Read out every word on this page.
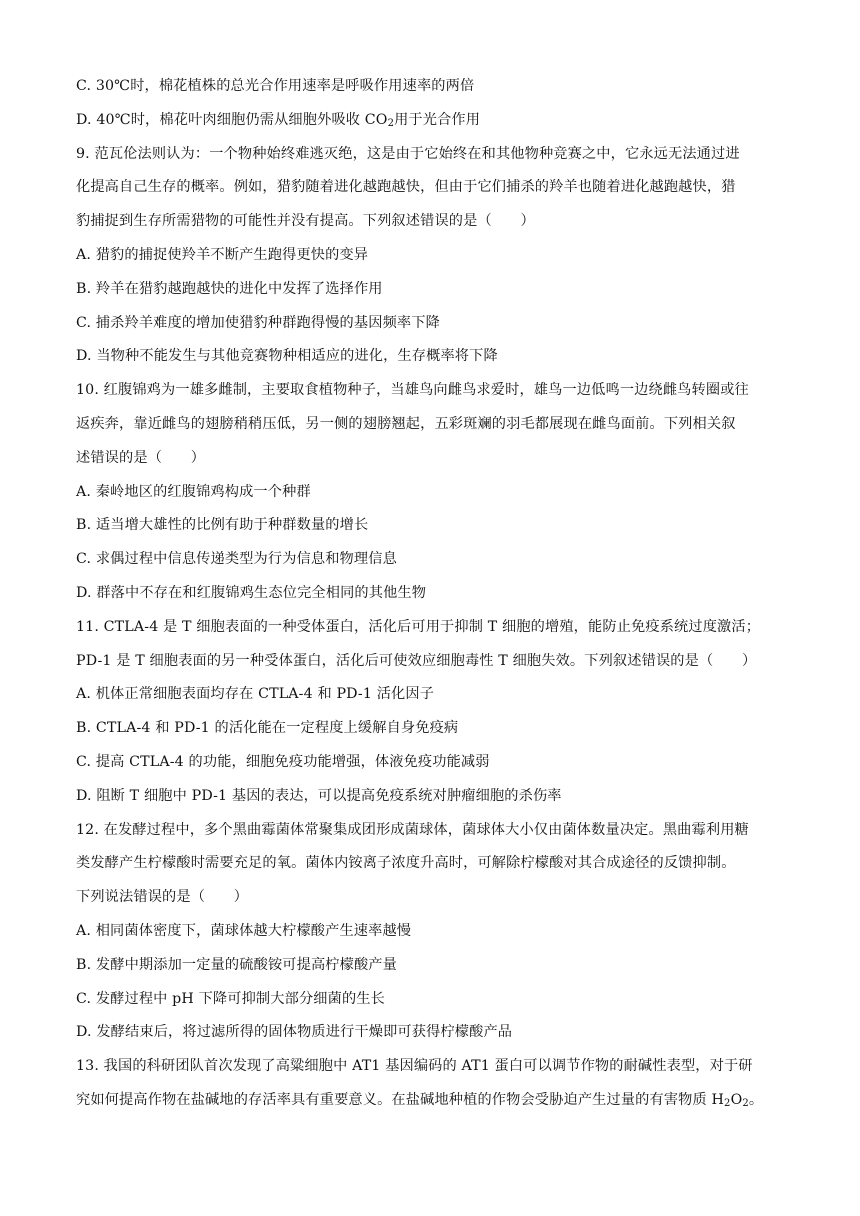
C. 30℃时，棉花植株的总光合作用速率是呼吸作用速率的两倍
D. 40℃时，棉花叶肉细胞仍需从细胞外吸收 $CO_2$用于光合作用
9. 范瓦伦法则认为：一个物种始终难逃灭绝，这是由于它始终在和其他物种竞赛之中，它永远无法通过进
化提高自己生存的概率。例如，猎豹随着进化越跑越快，但由于它们捕杀的羚羊也随着进化越跑越快，猎
豹捕捉到生存所需猎物的可能性并没有提高。下列叙述错误的是（　　）
A. 猎豹的捕捉使羚羊不断产生跑得更快的变异
B. 羚羊在猎豹越跑越快的进化中发挥了选择作用
C. 捕杀羚羊难度的增加使猎豹种群跑得慢的基因频率下降
D. 当物种不能发生与其他竞赛物种相适应的进化，生存概率将下降
10. 红腹锦鸡为一雄多雌制，主要取食植物种子，当雄鸟向雌鸟求爱时，雄鸟一边低鸣一边绕雌鸟转圈或往
返疾奔，靠近雌鸟的翅膀稍稍压低，另一侧的翅膀翘起，五彩斑斓的羽毛都展现在雌鸟面前。下列相关叙
述错误的是（　　）
A. 秦岭地区的红腹锦鸡构成一个种群
B. 适当增大雄性的比例有助于种群数量的增长
C. 求偶过程中信息传递类型为行为信息和物理信息
D. 群落中不存在和红腹锦鸡生态位完全相同的其他生物
11. CTLA-4 是 T 细胞表面的一种受体蛋白，活化后可用于抑制 T 细胞的增殖，能防止免疫系统过度激活；
PD-1 是 T 细胞表面的另一种受体蛋白，活化后可使效应细胞毒性 T 细胞失效。下列叙述错误的是（　　）
A. 机体正常细胞表面均存在 CTLA-4 和 PD-1 活化因子
B. CTLA-4 和 PD-1 的活化能在一定程度上缓解自身免疫病
C. 提高 CTLA-4 的功能，细胞免疫功能增强，体液免疫功能减弱
D. 阻断 T 细胞中 PD-1 基因的表达，可以提高免疫系统对肿瘤细胞的杀伤率
12. 在发酵过程中，多个黑曲霉菌体常聚集成团形成菌球体，菌球体大小仅由菌体数量决定。黑曲霉利用糖
类发酵产生柠檬酸时需要充足的氧。菌体内铵离子浓度升高时，可解除柠檬酸对其合成途径的反馈抑制。
下列说法错误的是（　　）
A. 相同菌体密度下，菌球体越大柠檬酸产生速率越慢
B. 发酵中期添加一定量的硫酸铵可提高柠檬酸产量
C. 发酵过程中 pH 下降可抑制大部分细菌的生长
D. 发酵结束后，将过滤所得的固体物质进行干燥即可获得柠檬酸产品
13. 我国的科研团队首次发现了高粱细胞中 AT1 基因编码的 AT1 蛋白可以调节作物的耐碱性表型，对于研
究如何提高作物在盐碱地的存活率具有重要意义。在盐碱地种植的作物会受胁迫产生过量的有害物质 $H_2O_2$。
